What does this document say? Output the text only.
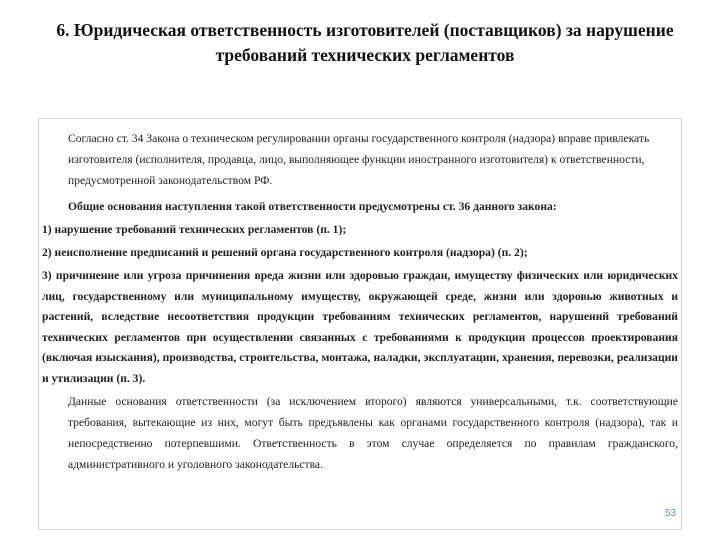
6. Юридическая ответственность изготовителей (поставщиков) за нарушение требований технических регламентов
Согласно ст. 34 Закона о техническом регулировании органы государственного контроля (надзора) вправе привлекать изготовителя (исполнителя, продавца, лицо, выполняющее функции иностранного изготовителя) к ответственности, предусмотренной законодательством РФ.
Общие основания наступления такой ответственности предусмотрены ст. 36 данного закона:
1) нарушение требований технических регламентов (п. 1);
2) неисполнение предписаний и решений органа государственного контроля (надзора) (п. 2);
3) причинение или угроза причинения вреда жизни или здоровью граждан, имуществу физических или юридических лиц, государственному или муниципальному имуществу, окружающей среде, жизни или здоровью животных и растений, вследствие несоответствия продукции требованиям технических регламентов, нарушений требований технических регламентов при осуществлении связанных с требованиями к продукции процессов проектирования (включая изыскания), производства, строительства, монтажа, наладки, эксплуатации, хранения, перевозки, реализации и утилизации (п. 3).
Данные основания ответственности (за исключением второго) являются универсальными, т.к. соответствующие требования, вытекающие из них, могут быть предъявлены как органами государственного контроля (надзора), так и непосредственно потерпевшими. Ответственность в этом случае определяется по правилам гражданского, административного и уголовного законодательства.
53
